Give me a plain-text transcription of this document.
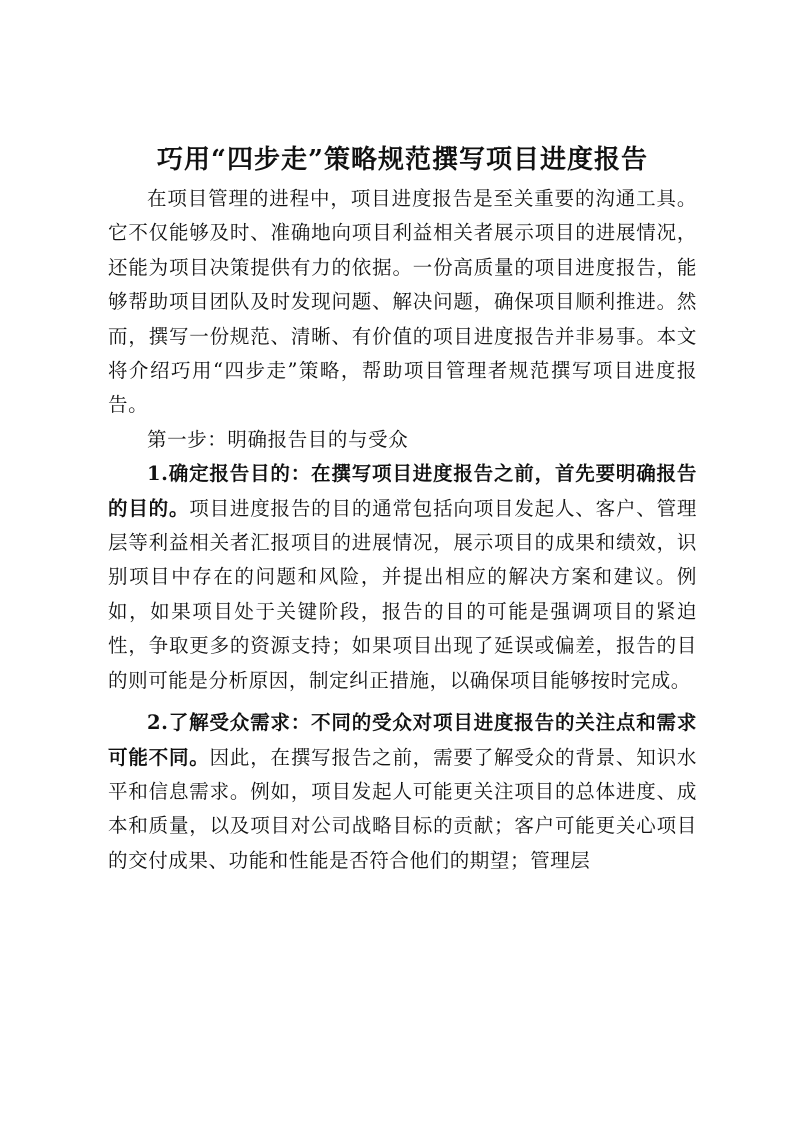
巧用“四步走”策略规范撰写项目进度报告

在项目管理的进程中，项目进度报告是至关重要的沟通工具。它不仅能够及时、准确地向项目利益相关者展示项目的进展情况，还能为项目决策提供有力的依据。一份高质量的项目进度报告，能够帮助项目团队及时发现问题、解决问题，确保项目顺利推进。然而，撰写一份规范、清晰、有价值的项目进度报告并非易事。本文将介绍巧用“四步走”策略，帮助项目管理者规范撰写项目进度报告。

第一步：明确报告目的与受众

1.确定报告目的：在撰写项目进度报告之前，首先要明确报告的目的。项目进度报告的目的通常包括向项目发起人、客户、管理层等利益相关者汇报项目的进展情况，展示项目的成果和绩效，识别项目中存在的问题和风险，并提出相应的解决方案和建议。例如，如果项目处于关键阶段，报告的目的可能是强调项目的紧迫性，争取更多的资源支持；如果项目出现了延误或偏差，报告的目的则可能是分析原因，制定纠正措施，以确保项目能够按时完成。

2.了解受众需求：不同的受众对项目进度报告的关注点和需求可能不同。因此，在撰写报告之前，需要了解受众的背景、知识水平和信息需求。例如，项目发起人可能更关注项目的总体进度、成本和质量，以及项目对公司战略目标的贡献；客户可能更关心项目的交付成果、功能和性能是否符合他们的期望；管理层
